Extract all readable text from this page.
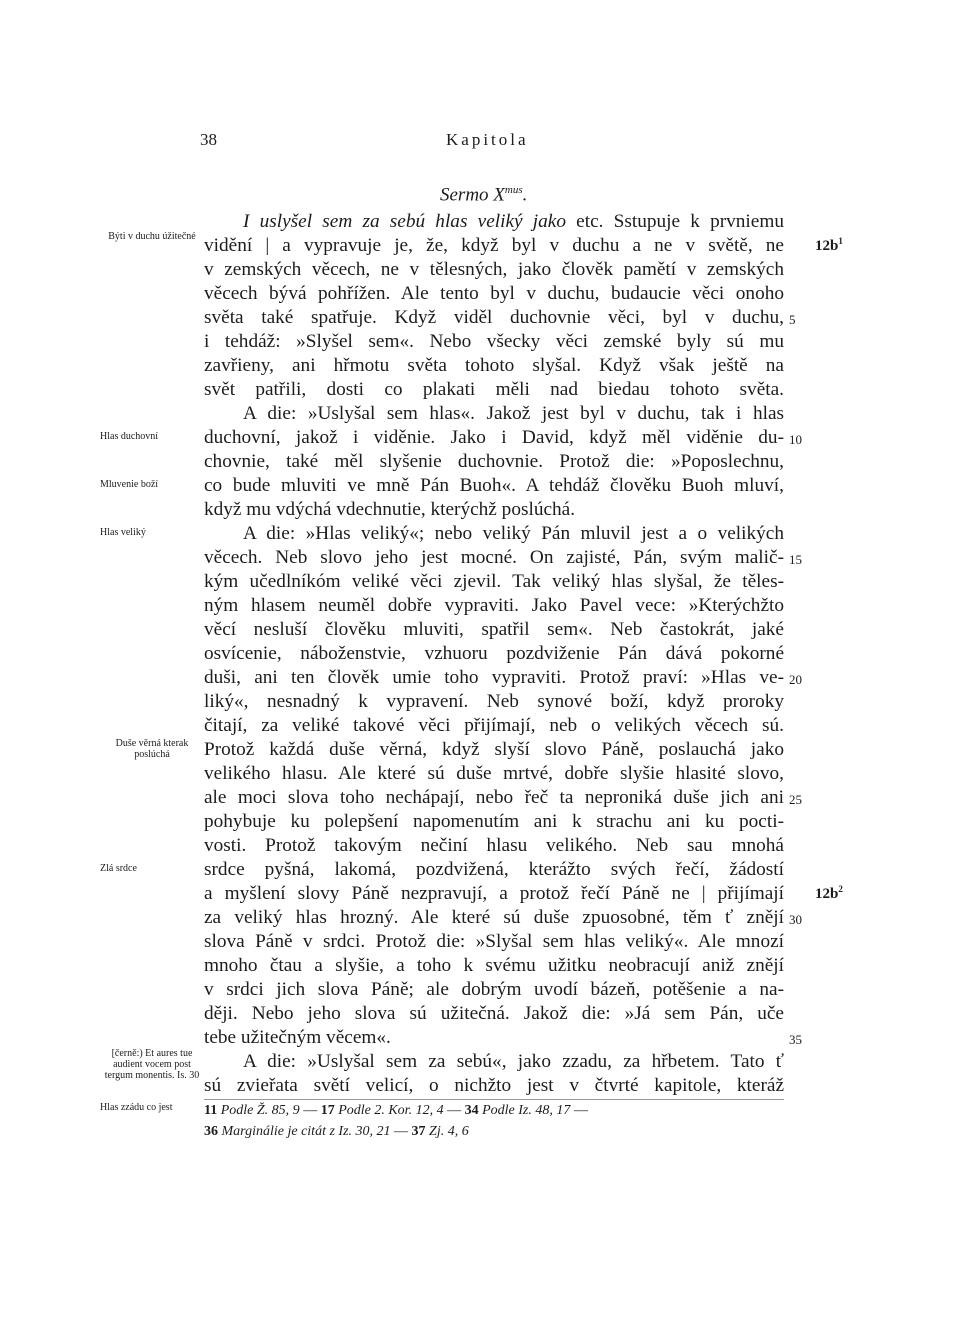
38	Kapitola
Sermo $X^{mus}$.
I uslyšel sem za sebú hlas veliký jako etc. Sstupuje k prvniemu
vidění | a vypravuje je, že, když byl v duchu a ne v světě, ne
v zemských věcech, ne v tělesných, jako člověk pamětí v zemských
věcech bývá pohřížen. Ale tento byl v duchu, budaucie věci onoho
světa také spatřuje. Když viděl duchovnie věci, byl v duchu,
i tehdáž: »Slyšel sem«. Nebo všecky věci zemské byly sú mu
zavřieny, ani hřmotu světa tohoto slyšal. Když však ještě na
svět patřili, dosti co plakati měli nad biedau tohoto světa.
A die: »Uslyšal sem hlas«. Jakož jest byl v duchu, tak i hlas
duchovní, jakož i viděnie. Jako i David, když měl viděnie du-
chovnie, také měl slyšenie duchovnie. Protož die: »Poposlechnu,
co bude mluviti ve mně Pán Buoh«. A tehdáž člověku Buoh mluví,
když mu vdýchá vdechnutie, kterýchž poslúchá.
A die: »Hlas veliký«; nebo veliký Pán mluvil jest a o velikých
věcech. Neb slovo jeho jest mocné. On zajisté, Pán, svým malič-
kým učedlníkóm veliké věci zjevil. Tak veliký hlas slyšal, že těles-
ným hlasem neuměl dobře vypraviti. Jako Pavel vece: »Kterýchžto
věcí nesluší člověku mluviti, spatřil sem«. Neb častokrát, jaké
osvícenie, náboženstvie, vzhuoru pozdviženie Pán dává pokorné
duši, ani ten člověk umie toho vypraviti. Protož praví: »Hlas ve-
liký«, nesnadný k vypravení. Neb synové boží, když proroky
čitají, za veliké takové věci přijímají, neb o velikých věcech sú.
Protož každá duše věrná, když slyší slovo Páně, poslauchá jako
velikého hlasu. Ale které sú duše mrtvé, dobře slyšie hlasité slovo,
ale moci slova toho nechápají, nebo řeč ta neproniká duše jich ani
pohybuje ku polepšení napomenutím ani k strachu ani ku pocti-
vosti. Protož takovým nečiní hlasu velikého. Neb sau mnohá
srdce pyšná, lakomá, pozdvižená, kterážto svých řečí, žádostí
a myšlení slovy Páně nezpravují, a protož řečí Páně ne | přijímají
za veliký hlas hrozný. Ale které sú duše zpuosobné, těm ť znějí
slova Páně v srdci. Protož die: »Slyšal sem hlas veliký«. Ale mnozí
mnoho čtau a slyšie, a toho k svému užitku neobracují aniž znějí
v srdci jich slova Páně; ale dobrým uvodí bázeň, potěšenie a na-
ději. Nebo jeho slova sú užitečná. Jakož die: »Já sem Pán, uče
tebe užitečným věcem«.
A die: »Uslyšal sem za sebú«, jako zzadu, za hřbetem. Tato ť
sú zvieřata světí velicí, o nichžto jest v čtvrté kapitole, kteráž
5
10
15
20
25
30
35
$12b^1$
$12b^2$
Býti v duchu úžitečné
Hlas duchovní
Mluvenie boží
Hlas veliký
Duše věrná kterak poslúchá
Zlá srdce
[černě:) Et aures tue audient vocem post tergum monentis. Is. 30
Hlas zzádu co jest	11 Podle Ž. 85, 9 — 17 Podle 2. Kor. 12, 4 — 34 Podle Iz. 48, 17 —
36 Marginálie je citát z Iz. 30, 21 — 37 Zj. 4, 6
